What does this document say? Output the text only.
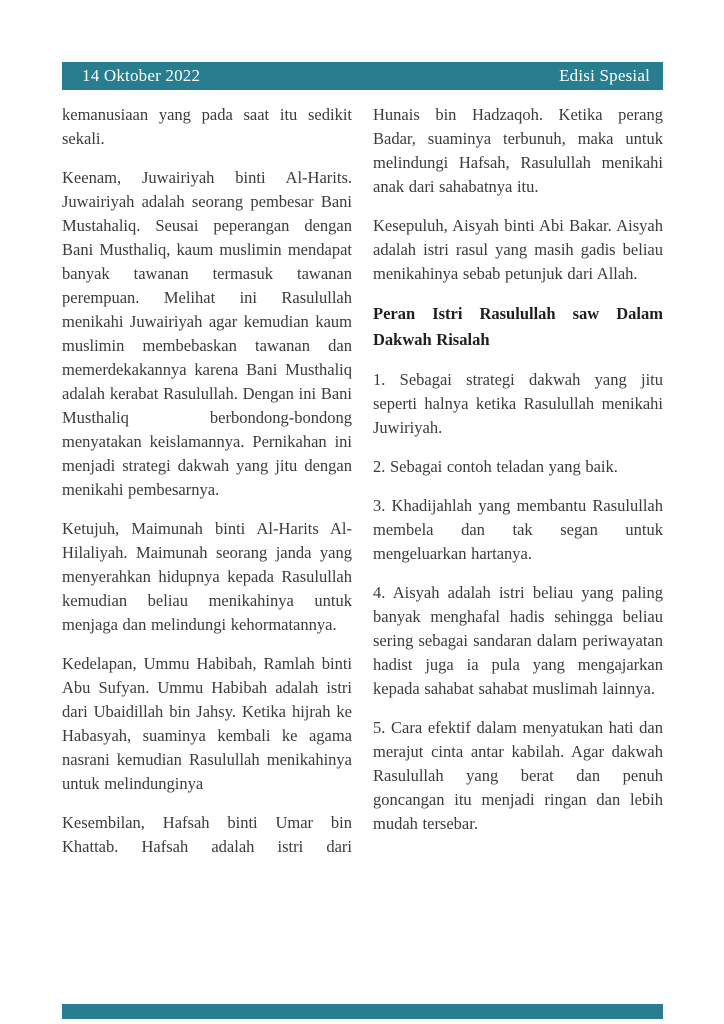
14 Oktober 2022	Edisi Spesial

kemanusiaan yang pada saat itu sedikit sekali.

Keenam, Juwairiyah binti Al-Harits. Juwairiyah adalah seorang pembesar Bani Mustahaliq. Seusai peperangan dengan Bani Musthaliq, kaum muslimin mendapat banyak tawanan termasuk tawanan perempuan. Melihat ini Rasulullah menikahi Juwairiyah agar kemudian kaum muslimin membebaskan tawanan dan memerdekakannya karena Bani Musthaliq adalah kerabat Rasulullah. Dengan ini Bani Musthaliq berbondong-bondong menyatakan keislamannya. Pernikahan ini menjadi strategi dakwah yang jitu dengan menikahi pembesarnya.

Ketujuh, Maimunah binti Al-Harits Al-Hilaliyah. Maimunah seorang janda yang menyerahkan hidupnya kepada Rasulullah kemudian beliau menikahinya untuk menjaga dan melindungi kehormatannya.

Kedelapan, Ummu Habibah, Ramlah binti Abu Sufyan. Ummu Habibah adalah istri dari Ubaidillah bin Jahsy. Ketika hijrah ke Habasyah, suaminya kembali ke agama nasrani kemudian Rasulullah menikahinya untuk melindunginya

Kesembilan, Hafsah binti Umar bin Khattab. Hafsah adalah istri dari

Hunais bin Hadzaqoh. Ketika perang Badar, suaminya terbunuh, maka untuk melindungi Hafsah, Rasulullah menikahi anak dari sahabatnya itu.

Kesepuluh, Aisyah binti Abi Bakar. Aisyah adalah istri rasul yang masih gadis beliau menikahinya sebab petunjuk dari Allah.

Peran Istri Rasulullah saw Dalam Dakwah Risalah

1. Sebagai strategi dakwah yang jitu seperti halnya ketika Rasulullah menikahi Juwiriyah.

2. Sebagai contoh teladan yang baik.

3. Khadijahlah yang membantu Rasulullah membela dan tak segan untuk mengeluarkan hartanya.

4. Aisyah adalah istri beliau yang paling banyak menghafal hadis sehingga beliau sering sebagai sandaran dalam periwayatan hadist juga ia pula yang mengajarkan kepada sahabat sahabat muslimah lainnya.

5. Cara efektif dalam menyatukan hati dan merajut cinta antar kabilah. Agar dakwah Rasulullah yang berat dan penuh goncangan itu menjadi ringan dan lebih mudah tersebar.
